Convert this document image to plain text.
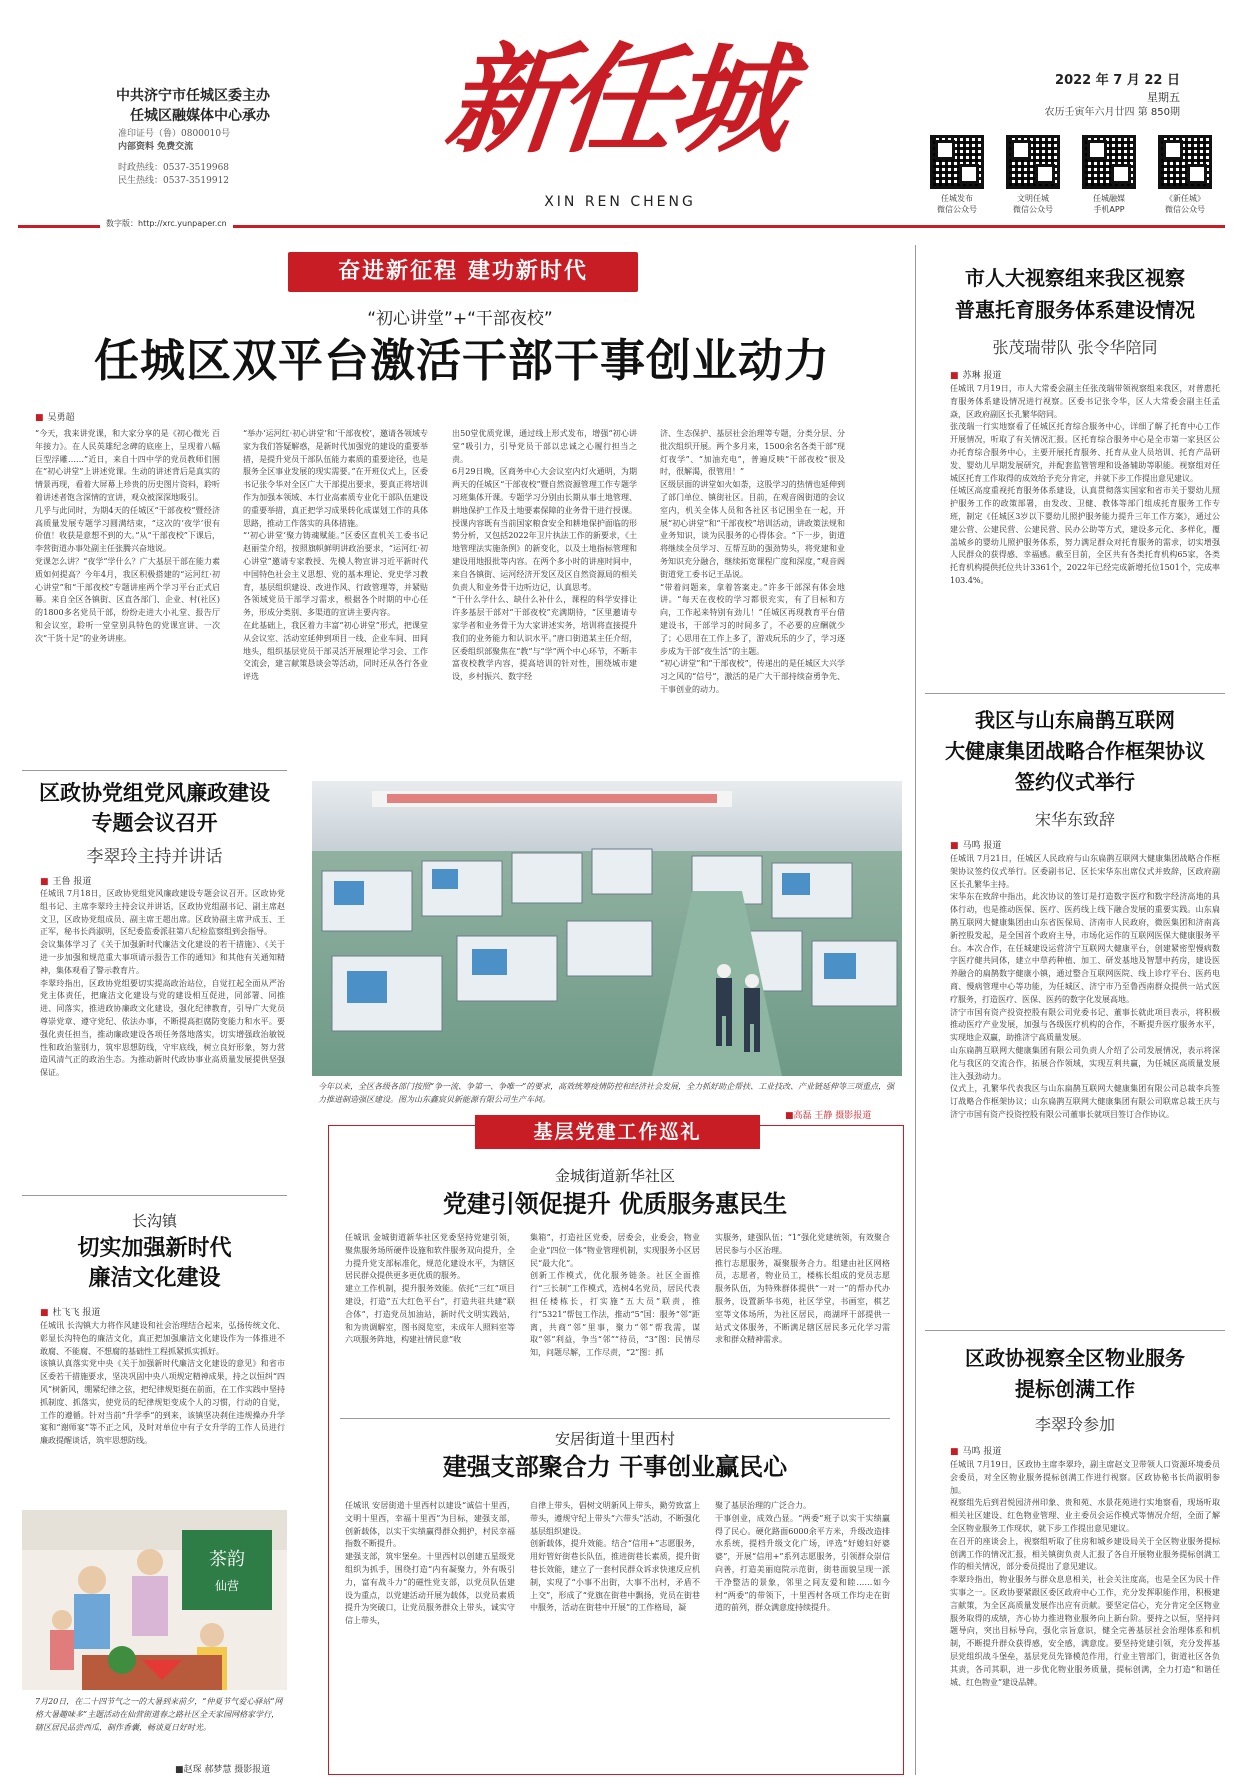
中共济宁市任城区委主办
任城区融媒体中心承办
准印证号（鲁）0800010号
内部资料 免费交流
时政热线：0537-3519968
民生热线：0537-3519912
新任城
XIN REN CHENG
2022 年 7 月 22 日
星期五
农历壬寅年六月廿四 第 850期
任城发布
微信公众号
文明任城
微信公众号
任城融媒
手机APP
《新任城》
微信公众号
数字版：http://xrc.yunpaper.cn
奋进新征程 建功新时代
“初心讲堂”+“干部夜校”
任城区双平台激活干部干事创业动力
■ 吴勇超
“今天，我来讲党课，和大家分享的是《初心微光 百年接力》。在人民英雄纪念碑的底座上，呈现着八幅巨型浮雕……”近日，来自十四中学的党员教师们围在“初心讲堂”上讲述党课。生动的讲述背后是真实的情景再现，看着大屏幕上珍贵的历史图片资料，聆听着讲述者饱含深情的宣讲，观众被深深地吸引。
几乎与此同时，为期4天的任城区“干部夜校”暨经济高质量发展专题学习圆满结束，“这次的‘夜学’很有价值！收获是意想不到的大。”从“干部夜校”下课后，李营街道办事处副主任张腾兴奋地说。
党课怎么讲？“夜学”学什么？广大基层干部在能力素质如何提高？今年4月，我区积极搭建的“运河红·初心讲堂”和“干部夜校”专题讲座两个学习平台正式启幕。来自全区各镇街、区直各部门、企业、村(社区)的1800多名党员干部，纷纷走进大小礼堂、报告厅和会议室，聆听一堂堂别具特色的党课宣讲、一次次“干货十足”的业务讲座。
“举办‘运河红·初心讲堂’和‘干部夜校’，邀请各领域专家为我们答疑解惑，是新时代加强党的建设的重要举措，是提升党员干部队伍能力素质的重要途径，也是服务全区事业发展的现实需要。”在开班仪式上，区委书记张令华对全区广大干部提出要求，要真正将培训作为加强本领域、本行业高素质专业化干部队伍建设的重要举措，真正把学习成果转化成谋划工作的具体思路，推动工作落实的具体措施。
“‘初心讲堂’聚力铸魂赋能。”区委区直机关工委书记赵丽莹介绍，按照旗帜鲜明讲政治要求，“运河红·初心讲堂”邀请专家教授、先模人物宣讲习近平新时代中国特色社会主义思想、党的基本理论、党史学习教育，基层组织建设、改进作风、行政管理等，并紧贴各领域党员干部学习需求，根据各个时期的中心任务，形成分类别、多渠道的宣讲主要内容。
在此基础上，我区着力丰富“初心讲堂”形式，把课堂从会议室、活动室延伸到项目一线、企业车间、田间地头，组织基层党员干部灵活开展理论学习会、工作交流会，建言献策恳谈会等活动，同时还从各行各业评选
出50堂优质党课，通过线上形式发布，增强“初心讲堂”吸引力，引导党员干部以忠诚之心履行担当之责。
6月29日晚，区商务中心大会议室内灯火通明，为期两天的任城区“干部夜校”暨自然资源管理工作专题学习班集体开课。专题学习分别由长期从事土地管理、耕地保护工作及土地要素保障的业务骨干进行授课。授课内容既有当前国家粮食安全和耕地保护面临的形势分析，又包括2022年卫片执法工作的新要求，《土地管理法实施条例》的新变化，以及土地指标管理和建设用地报批等内容。在两个多小时的讲座时间中，来自各镇街、运河经济开发区及区自然资源局的相关负责人和业务骨干边听边记，认真思考。
“干什么学什么、缺什么补什么，课程的科学安排让许多基层干部对“干部夜校”充满期待，“区里邀请专家学者和业务骨干为大家讲述实务，培训将直接提升我们的业务能力和认识水平。”唐口街道某主任介绍，区委组织部聚焦在“教”与“学”两个中心环节，不断丰富夜校教学内容，提高培训的针对性，围绕城市建设，乡村振兴、数字经
济、生态保护、基层社会治理等专题，分类分层、分批次组织开展。两个多月来，1500余名各类干部“现灯夜学”、“加油充电”，普遍反映“干部夜校”很及时，很解渴，很管用！”
区级层面的讲堂如火如荼，这股学习的热情也延伸到了部门单位、镇街社区。目前，在观音阁街道的会议室内，机关全体人员和各社区书记围坐在一起，开展“初心讲堂”和“干部夜校”培训活动，讲政策法规和业务知识，谈为民服务的心得体会。“下一步，街道将继续全员学习、互帮互助的强劲势头，将党建和业务知识充分融合，继续拓宽课程广度和深度，”观音阁街道党工委书记王品说。
“带着问题来，拿着答案走。”许多干部深有体会地讲。“每天在夜校的学习都很充实，有了目标和方向，工作起来特别有劲儿！”任城区再现教育平台借建设书，干部学习的时间多了，不必要的应酬就少了；心思用在工作上多了，游戏玩乐的少了，学习逐步成为干部“夜生活”的主题。
“初心讲堂”和“干部夜校”，传递出的是任城区大兴学习之风的“信号”，激活的是广大干部持续奋勇争先、干事创业的动力。
今年以来，全区各级各部门按照“争一流、争第一、争唯一”的要求，高效统筹疫情防控和经济社会发展，全力抓好助企帮扶、工业技改、产业链延伸等三项重点，强力推进制造强区建设。图为山东鑫宸贝新能源有限公司生产车间。
■高磊 王静 摄影报道
区政协党组党风廉政建设
专题会议召开
李翠玲主持并讲话
■ 王鲁 报道
任城讯 7月18日，区政协党组党风廉政建设专题会议召开。区政协党组书记、主席李翠玲主持会议并讲话，区政协党组副书记、副主席赵文卫，区政协党组成员、副主席王超出席。区政协副主席尹成玉、王正军，秘书长尚淑明，区纪委监委派驻第八纪检监察组到会指导。
会议集体学习了《关于加强新时代廉洁文化建设的若干措施》、《关于进一步加强和规范重大事项请示报告工作的通知》和其他有关通知精神，集体观看了警示教育片。
李翠玲指出，区政协党组要切实提高政治站位，自觉扛起全面从严治党主体责任，把廉洁文化建设与党的建设相互促进，同部署、同推进、同落实，推进政协廉政文化建设，强化纪律教育，引导广大党员尊崇党章、遵守党纪、依法办事，不断提高拒腐防变能力和水平。要强化责任担当，推动廉政建设各项任务落地落实，切实增强政治敏锐性和政治鉴别力，筑牢思想防线，守牢底线，树立良好形象，努力营造风清气正的政治生态。为推动新时代政协事业高质量发展提供坚强保证。
长沟镇
切实加强新时代
廉洁文化建设
■ 杜飞飞 报道
任城讯 长沟镇大力将作风建设和社会治理结合起来，弘扬传统文化、彰显长沟特色的廉洁文化，真正把加强廉洁文化建设作为一体推进不敢腐、不能腐、不想腐的基础性工程抓紧抓实抓好。
该镇认真落实党中央《关于加强新时代廉洁文化建设的意见》和省市区委若干措施要求，坚决巩固中央八项规定精神成果，持之以恒纠“四风”树新风，绷紧纪律之弦，把纪律规矩挺在前面，在工作实践中坚持抓制度、抓落实，使党员的纪律规矩变成个人的习惯，行动的自觉，工作的遵循。针对当前“升学季”的到来，该镇坚决刹住违规操办升学宴和“谢师宴”等不正之风，及时对单位中有子女升学的工作人员进行廉政提醒谈话，筑牢思想防线。
茶韵
仙营
7月20日，在二十四节气之一的大暑到来前夕，“仲夏节气爱心驿站”网格大暑趣味多”主题活动在仙营街道春之路社区全天家园网格家学行，辖区居民品尝西瓜，制作香囊，畅谈夏日好时光。
■赵琛 郝梦慧 摄影报道
基层党建工作巡礼
金城街道新华社区
党建引领促提升 优质服务惠民生
任城讯 金城街道新华社区党委坚持党建引领，聚焦服务场所硬件设施和软件服务双向提升，全力提升党支部标准化，规范化建设水平，为辖区居民群众提供更多更优质的服务。
建立工作机制，提升服务效能。依托“三红”项目建设，打造“五大红色平台”，打造共驻共建“联合体”，打造党员加油站，新时代文明实践站，和为贵调解室，图书阅览室，未成年人照料室等六项服务阵地，构建社情民意“收
集箱”，打造社区党委，居委会，业委会，物业企业“四位一体”物业管理机制，实现服务小区居民“最大化”。
创新工作模式，优化服务链条。社区全面推行“三长制”工作模式，选树4名党员，居民代表担任楼栋长，打实施“五大员”联责，推行“5321”帮包工作法，推动“5”国：服务“邻”距离，共商“邻”里事，聚力“邻”帮我需，谋取“邻”利益，争当“邻”“待员，“3”图：民情尽知，问题尽解，工作尽责，“2”图：抓
实服务，建强队伍；“1”强化党建统领，有效聚合居民参与小区治理。
推行志愿服务，凝聚服务合力。组建由社区网格员，志愿者，物业员工，楼栋长组成的党员志愿服务队伍，为特殊群体提供“一对一”的帮办代办服务，设置新华书苑，社区学堂，书画室，棋艺室等文体场所，为社区居民，商湖坪干部提供一站式文体服务，不断满足辖区居民多元化学习需求和群众精神需求。
安居街道十里西村
建强支部聚合力 干事创业赢民心
任城讯 安居街道十里西村以建设“诚信十里西，文明十里西，幸福十里西”为目标，建强支部，创新载体，以实干实绩赢得群众拥护，村民幸福指数不断提升。
建强支部，筑牢堡垒。十里西村以创建五星级党组织为抓手，围绕打造“内有凝聚力，外有吸引力，富有战斗力”的磁性党支部，以党员队伍建设为重点，以党建活动开展为载体，以党员素质提升为突破口，让党员服务群众上带头，诚实守信上带头，
自律上带头，倡树文明新风上带头，勤劳致富上带头，遵规守纪上带头“六带头”活动，不断强化基层组织建设。
创新载体，提升效能。结合“信用+”志愿服务，用好管好街巷长队伍，推进街巷长素质，提升街巷长效能，建立了一套村民群众诉求快速反应机制，实现了“小事不出街，大事不出村，矛盾不上交”，形成了“党旗在街巷中飘扬，党员在街巷中服务，活动在街巷中开展”的工作格局，凝
聚了基层治理的广泛合力。
干事创业，成效凸显。“两委”班子以实干实绩赢得了民心。硬化路面6000余平方米，升级改造排水系统，提档升级文化广场，评选“好媳妇好婆婆”，开展“信用+”系列志愿服务，引领群众崇信向善，打造美丽庭院示范街，街巷面貌呈现一派干净整洁的景象，邻里之间友爱和睦……如今村“两委”的带领下，十里西村各项工作均走在街道的前列，群众满意度持续提升。
市人大视察组来我区视察
普惠托育服务体系建设情况
张茂瑞带队 张令华陪同
■ 苏琳 报道
任城讯 7月19日，市人大常委会副主任张茂瑞带领视察组来我区，对普惠托育服务体系建设情况进行视察。区委书记张令华，区人大常委会副主任孟焱，区政府副区长孔繁华陪同。
张茂瑞一行实地察看了任城区托育综合服务中心，详细了解了托育中心工作开展情况，听取了有关情况汇报。区托育综合服务中心是全市第一家县区公办托育综合服务中心，主要开展托育服务、托育从业人员培训、托育产品研发、婴幼儿早期发展研究，并配套监管管理和设备辅助等职能。视察组对任城区托育工作取得的成效给予充分肯定，并就下步工作提出意见建议。
任城区高度重视托育服务体系建设，认真贯彻落实国家和省市关于婴幼儿照护服务工作的政策部署，由发改、卫健、教体等部门组成托育服务工作专班，制定《任城区3岁以下婴幼儿照护服务能力提升三年工作方案》，通过公建公营、公建民营、公建民营、民办公助等方式，建设多元化、多样化，覆盖城乡的婴幼儿照护服务体系，努力满足群众对托育服务的需求，切实增强人民群众的获得感、幸福感。截至目前，全区共有各类托育机构65家，各类托育机构提供托位共计3361个，2022年已经完成新增托位1501个，完成率103.4%。
我区与山东扁鹊互联网
大健康集团战略合作框架协议
签约仪式举行
宋华东致辞
■ 马鸣 报道
任城讯 7月21日，任城区人民政府与山东扁鹊互联网大健康集团战略合作框架协议签约仪式举行。区委副书记、区长宋华东出席仪式并致辞，区政府副区长孔繁华主持。
宋华东在致辞中指出，此次协议的签订是打造数字医疗和数字经济高地的具体行动，也是推动医保、医疗、医药线上线下融合发展的重要实践。山东扁鹊互联网大健康集团由山东省医保局、济南市人民政府，微医集团和济南高新控股发起，是全国首个政府主导，市场化运作的互联网医保大健康服务平台。本次合作，在任城建设运营济宁互联网大健康平台，创建紧密型慢病数字医疗健共同体，建立中草药种植、加工、研发基地及智慧中药房，建设医养融合的扁鹊数字健康小镇，通过整合互联网医院、线上诊疗平台、医药电商、慢病管理中心等功能，为任城区、济宁市乃至鲁西南群众提供一站式医疗服务，打造医疗、医保、医药的数字化发展高地。
济宁市国有资产投资控股有限公司党委书记、董事长就此项目表示，将积极推动医疗产业发展，加强与各级医疗机构的合作，不断提升医疗服务水平，实现地企双赢，助推济宁高质量发展。
山东扁鹊互联网大健康集团有限公司负责人介绍了公司发展情况，表示将深化与我区的交流合作，拓展合作领域，实现互利共赢，为任城区高质量发展注入强劲动力。
仪式上，孔繁华代表我区与山东扁鹊互联网大健康集团有限公司总裁李兵签订战略合作框架协议；山东扁鹊互联网大健康集团有限公司联席总裁王庆与济宁市国有资产投资控股有限公司董事长就项目签订合作协议。
区政协视察全区物业服务
提标创满工作
李翠玲参加
■ 马鸣 报道
任城讯 7月19日，区政协主席李翠玲，副主席赵文卫带领人口资源环境委员会委员，对全区物业服务提标创满工作进行视察。区政协秘书长尚淑明参加。
视察组先后到君悦园济州印象、贵和苑、水景花苑进行实地察看，现场听取相关社区建设、红色物业管理、业主委员会运作模式等情况介绍，全面了解全区物业服务工作现状，就下步工作提出意见建议。
在召开的座谈会上，视察组听取了住房和城乡建设局关于全区物业服务提标创满工作的情况汇报，相关镇街负责人汇报了各自开展物业服务提标创满工作的相关情况，部分委员提出了意见建议。
李翠玲指出，物业服务与群众息息相关，社会关注度高，也是全区为民十件实事之一。区政协要紧跟区委区政府中心工作，充分发挥职能作用，积极建言献策，为全区高质量发展作出应有贡献。要坚定信心，充分肯定全区物业服务取得的成绩，齐心协力推进物业服务向上新台阶。要持之以恒，坚持问题导向，突出目标导向，强化宗旨意识，健全完善基层社会治理体系和机制，不断提升群众获得感，安全感，满意度。要坚持党建引领，充分发挥基层党组织战斗堡垒，基层党员先锋模范作用，行业主管部门，街道社区各负其责，各司其职，进一步优化物业服务质量，提标创满，全力打造“和谐任城、红色物业”建设品牌。
